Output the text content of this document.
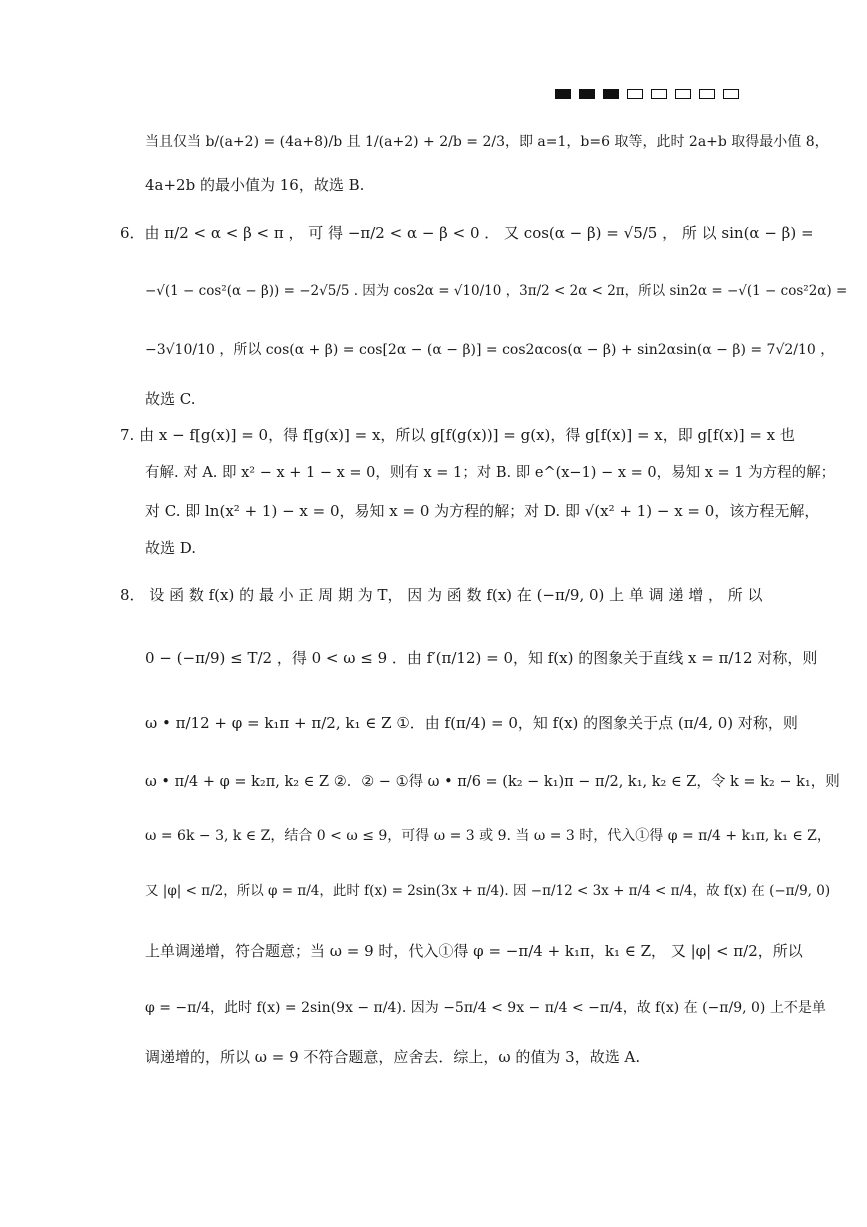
当且仅当 b/(a+2) = (4a+8)/b 且 1/(a+2) + 2/b = 2/3，即 a=1，b=6 取等，此时 2a+b 取得最小值 8，
4a+2b 的最小值为 16，故选 B.
6．由 π/2 < α < β < π ， 可 得 −π/2 < α − β < 0 ． 又 cos(α − β) = √5/5 ， 所 以 sin(α − β) =
−√(1 − cos²(α − β)) = −2√5/5 . 因为 cos2α = √10/10 ，3π/2 < 2α < 2π，所以 sin2α = −√(1 − cos²2α) =
−3√10/10 ，所以 cos(α + β) = cos[2α − (α − β)] = cos2αcos(α − β) + sin2αsin(α − β) = 7√2/10 ，
故选 C.
7. 由 x − f[g(x)] = 0，得 f[g(x)] = x，所以 g[f(g(x))] = g(x)，得 g[f(x)] = x，即 g[f(x)] = x 也
有解. 对 A. 即 x² − x + 1 − x = 0，则有 x = 1；对 B. 即 e^(x−1) − x = 0，易知 x = 1 为方程的解；
对 C. 即 ln(x² + 1) − x = 0，易知 x = 0 为方程的解；对 D. 即 √(x² + 1) − x = 0，该方程无解，
故选 D.
8． 设 函 数 f(x) 的 最 小 正 周 期 为 T， 因 为 函 数 f(x) 在 (−π/9, 0) 上 单 调 递 增 ， 所 以
0 − (−π/9) ≤ T/2 ，得 0 < ω ≤ 9 ．由 f′(π/12) = 0，知 f(x) 的图象关于直线 x = π/12 对称，则
ω • π/12 + φ = k₁π + π/2, k₁ ∈ Z ①．由 f(π/4) = 0，知 f(x) 的图象关于点 (π/4, 0) 对称，则
ω • π/4 + φ = k₂π, k₂ ∈ Z ②．② − ①得 ω • π/6 = (k₂ − k₁)π − π/2, k₁, k₂ ∈ Z，令 k = k₂ − k₁，则
ω = 6k − 3, k ∈ Z，结合 0 < ω ≤ 9，可得 ω = 3 或 9. 当 ω = 3 时，代入①得 φ = π/4 + k₁π, k₁ ∈ Z，
又 |φ| < π/2，所以 φ = π/4，此时 f(x) = 2sin(3x + π/4). 因 −π/12 < 3x + π/4 < π/4，故 f(x) 在 (−π/9, 0)
上单调递增，符合题意；当 ω = 9 时，代入①得 φ = −π/4 + k₁π，k₁ ∈ Z， 又 |φ| < π/2，所以
φ = −π/4，此时 f(x) = 2sin(9x − π/4). 因为 −5π/4 < 9x − π/4 < −π/4，故 f(x) 在 (−π/9, 0) 上不是单
调递增的，所以 ω = 9 不符合题意，应舍去．综上，ω 的值为 3，故选 A.
